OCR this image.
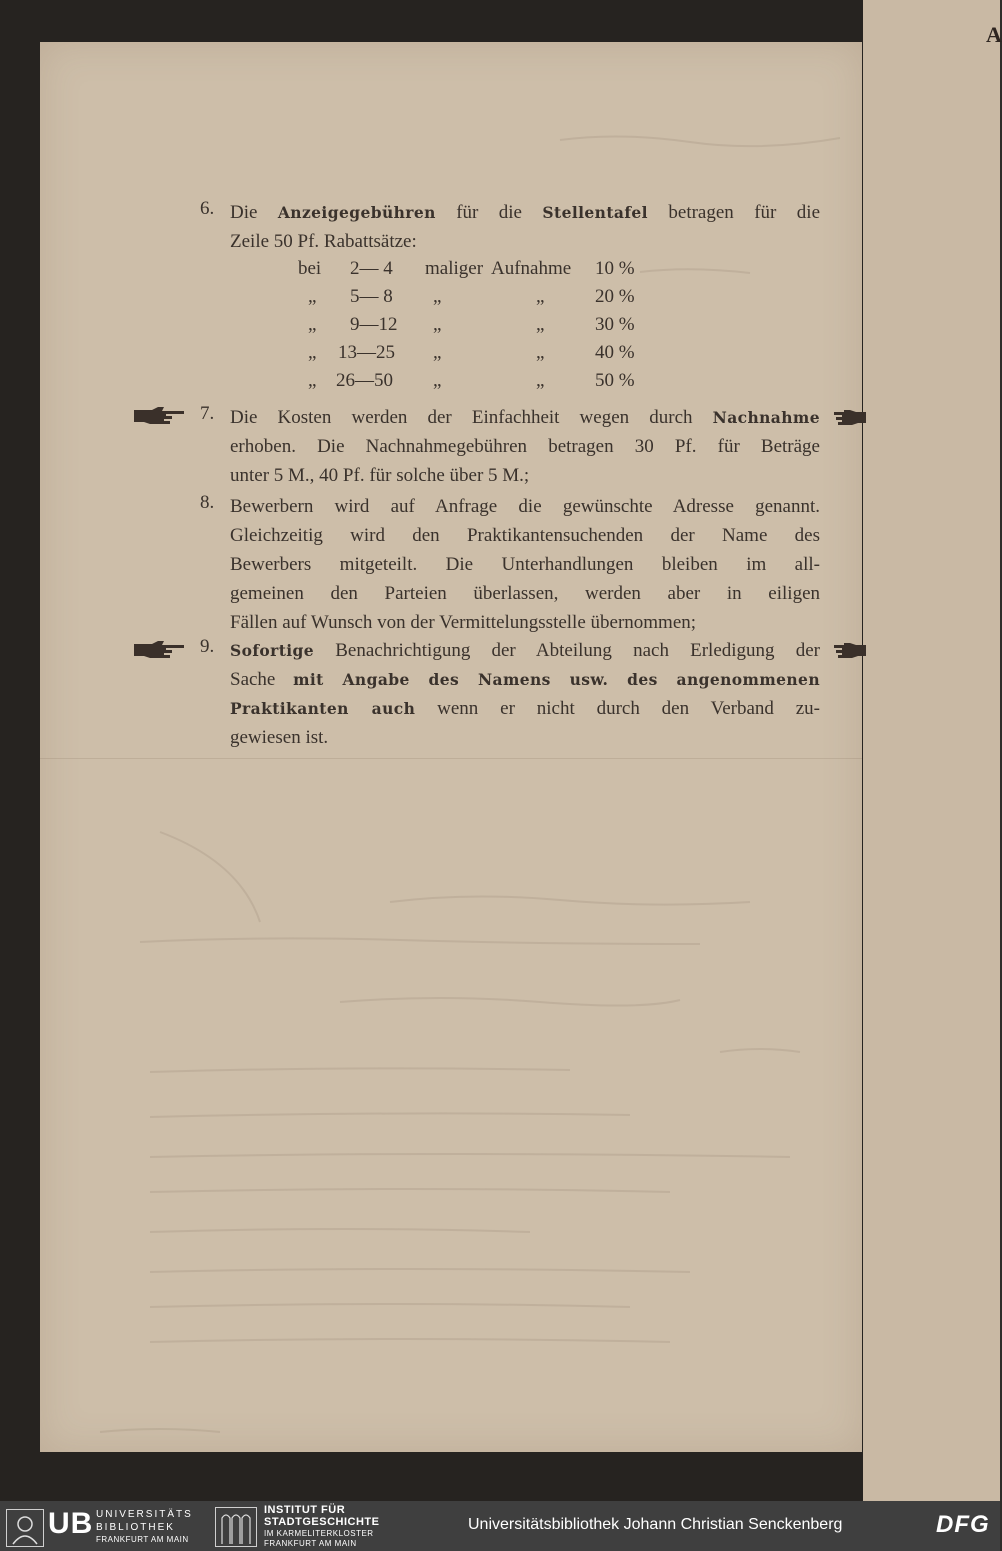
A
6. Die Anzeigegebühren für die Stellentafel betragen für die
Zeile 50 Pf. Rabattsätze:
bei 2— 4 maliger Aufnahme 10 %
„ 5— 8 „	„	20 %
„ 9—12 „	„	30 %
„ 13—25 „	„	40 %
„ 26—50 „	„	50 %
7. Die Kosten werden der Einfachheit wegen durch Nachnahme
erhoben. Die Nachnahmegebühren betragen 30 Pf. für Beträge
unter 5 M., 40 Pf. für solche über 5 M.;
8. Bewerbern wird auf Anfrage die gewünschte Adresse genannt.
Gleichzeitig wird den Praktikantensuchenden der Name des
Bewerbers mitgeteilt. Die Unterhandlungen bleiben im all-
gemeinen den Parteien überlassen, werden aber in eiligen
Fällen auf Wunsch von der Vermittelungsstelle übernommen;
9. Sofortige Benachrichtigung der Abteilung nach Erledigung der
Sache mit Angabe des Namens usw. des angenommenen
Praktikanten auch wenn er nicht durch den Verband zu-
gewiesen ist.
UB UNIVERSITÄTS
BIBLIOTHEK
FRANKFURT AM MAIN
INSTITUT FÜR
STADTGESCHICHTE
IM KARMELITERKLOSTER
FRANKFURT AM MAIN
Universitätsbibliothek Johann Christian Senckenberg	DFG
